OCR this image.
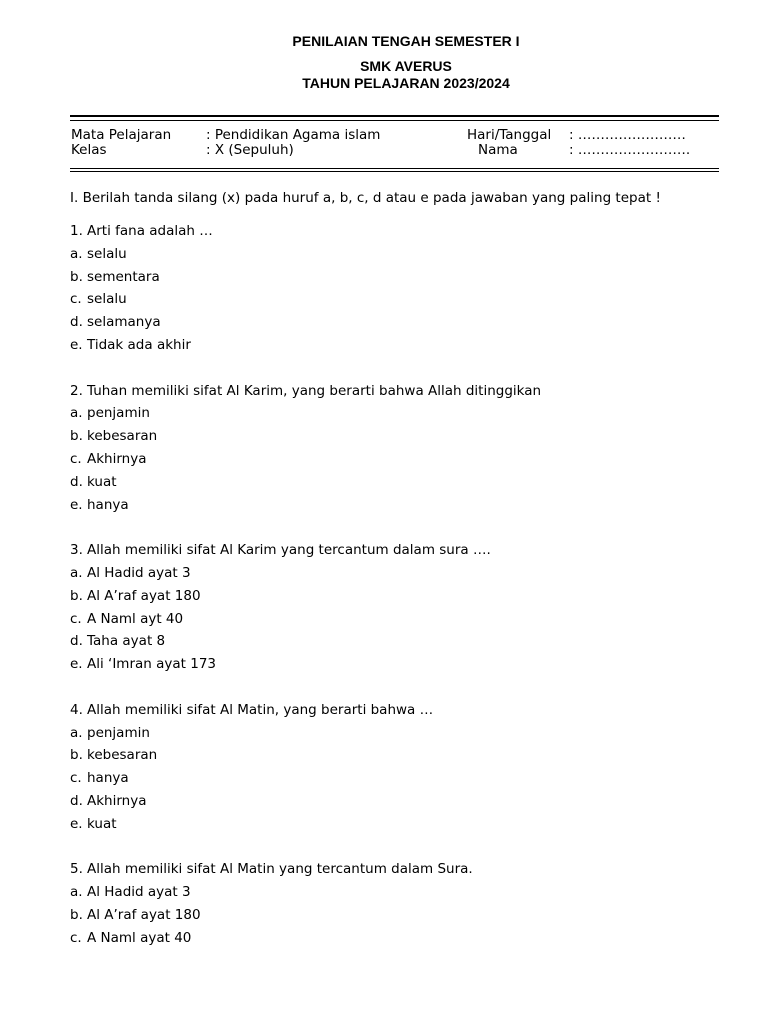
PENILAIAN TENGAH SEMESTER I
SMK AVERUS
TAHUN PELAJARAN 2023/2024
Mata Pelajaran	: Pendidikan Agama islam	Hari/Tanggal : ……………………
Kelas	: X (Sepuluh)	Nama	: …………………….
I. Berilah tanda silang (x) pada huruf a, b, c, d atau e pada jawaban yang paling tepat !
1. Arti fana adalah …
a. selalu
b. sementara
c. selalu
d. selamanya
e. Tidak ada akhir
2. Tuhan memiliki sifat Al Karim, yang berarti bahwa Allah ditinggikan
a. penjamin
b. kebesaran
c. Akhirnya
d. kuat
e. hanya
3. Allah memiliki sifat Al Karim yang tercantum dalam sura ….
a. Al Hadid ayat 3
b. Al A’raf ayat 180
c. A Naml ayt 40
d. Taha ayat 8
e. Ali ‘Imran ayat 173
4. Allah memiliki sifat Al Matin, yang berarti bahwa …
a. penjamin
b. kebesaran
c. hanya
d. Akhirnya
e. kuat
5. Allah memiliki sifat Al Matin yang tercantum dalam Sura.
a. Al Hadid ayat 3
b. Al A’raf ayat 180
c. A Naml ayat 40
